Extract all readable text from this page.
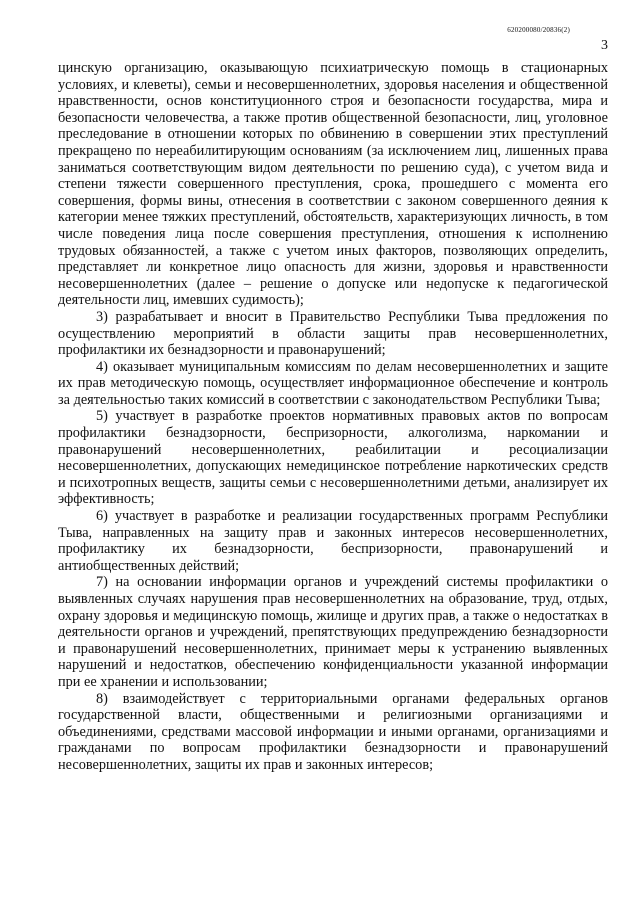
620200080/20836(2)
3

цинскую организацию, оказывающую психиатрическую помощь в стационарных условиях, и клеветы), семьи и несовершеннолетних, здоровья населения и общественной нравственности, основ конституционного строя и безопасности государства, мира и безопасности человечества, а также против общественной безопасности, лиц, уголовное преследование в отношении которых по обвинению в совершении этих преступлений прекращено по нереабилитирующим основаниям (за исключением лиц, лишенных права заниматься соответствующим видом деятельности по решению суда), с учетом вида и степени тяжести совершенного преступления, срока, прошедшего с момента его совершения, формы вины, отнесения в соответствии с законом совершенного деяния к категории менее тяжких преступлений, обстоятельств, характеризующих личность, в том числе поведения лица после совершения преступления, отношения к исполнению трудовых обязанностей, а также с учетом иных факторов, позволяющих определить, представляет ли конкретное лицо опасность для жизни, здоровья и нравственности несовершеннолетних (далее – решение о допуске или недопуске к педагогической деятельности лиц, имевших судимость);

3) разрабатывает и вносит в Правительство Республики Тыва предложения по осуществлению мероприятий в области защиты прав несовершеннолетних, профилактики их безнадзорности и правонарушений;

4) оказывает муниципальным комиссиям по делам несовершеннолетних и защите их прав методическую помощь, осуществляет информационное обеспечение и контроль за деятельностью таких комиссий в соответствии с законодательством Республики Тыва;

5) участвует в разработке проектов нормативных правовых актов по вопросам профилактики безнадзорности, беспризорности, алкоголизма, наркомании и правонарушений несовершеннолетних, реабилитации и ресоциализации несовершеннолетних, допускающих немедицинское потребление наркотических средств и психотропных веществ, защиты семьи с несовершеннолетними детьми, анализирует их эффективность;

6) участвует в разработке и реализации государственных программ Республики Тыва, направленных на защиту прав и законных интересов несовершеннолетних, профилактику их безнадзорности, беспризорности, правонарушений и антиобщественных действий;

7) на основании информации органов и учреждений системы профилактики о выявленных случаях нарушения прав несовершеннолетних на образование, труд, отдых, охрану здоровья и медицинскую помощь, жилище и других прав, а также о недостатках в деятельности органов и учреждений, препятствующих предупреждению безнадзорности и правонарушений несовершеннолетних, принимает меры к устранению выявленных нарушений и недостатков, обеспечению конфиденциальности указанной информации при ее хранении и использовании;

8) взаимодействует с территориальными органами федеральных органов государственной власти, общественными и религиозными организациями и объединениями, средствами массовой информации и иными органами, организациями и гражданами по вопросам профилактики безнадзорности и правонарушений несовершеннолетних, защиты их прав и законных интересов;
